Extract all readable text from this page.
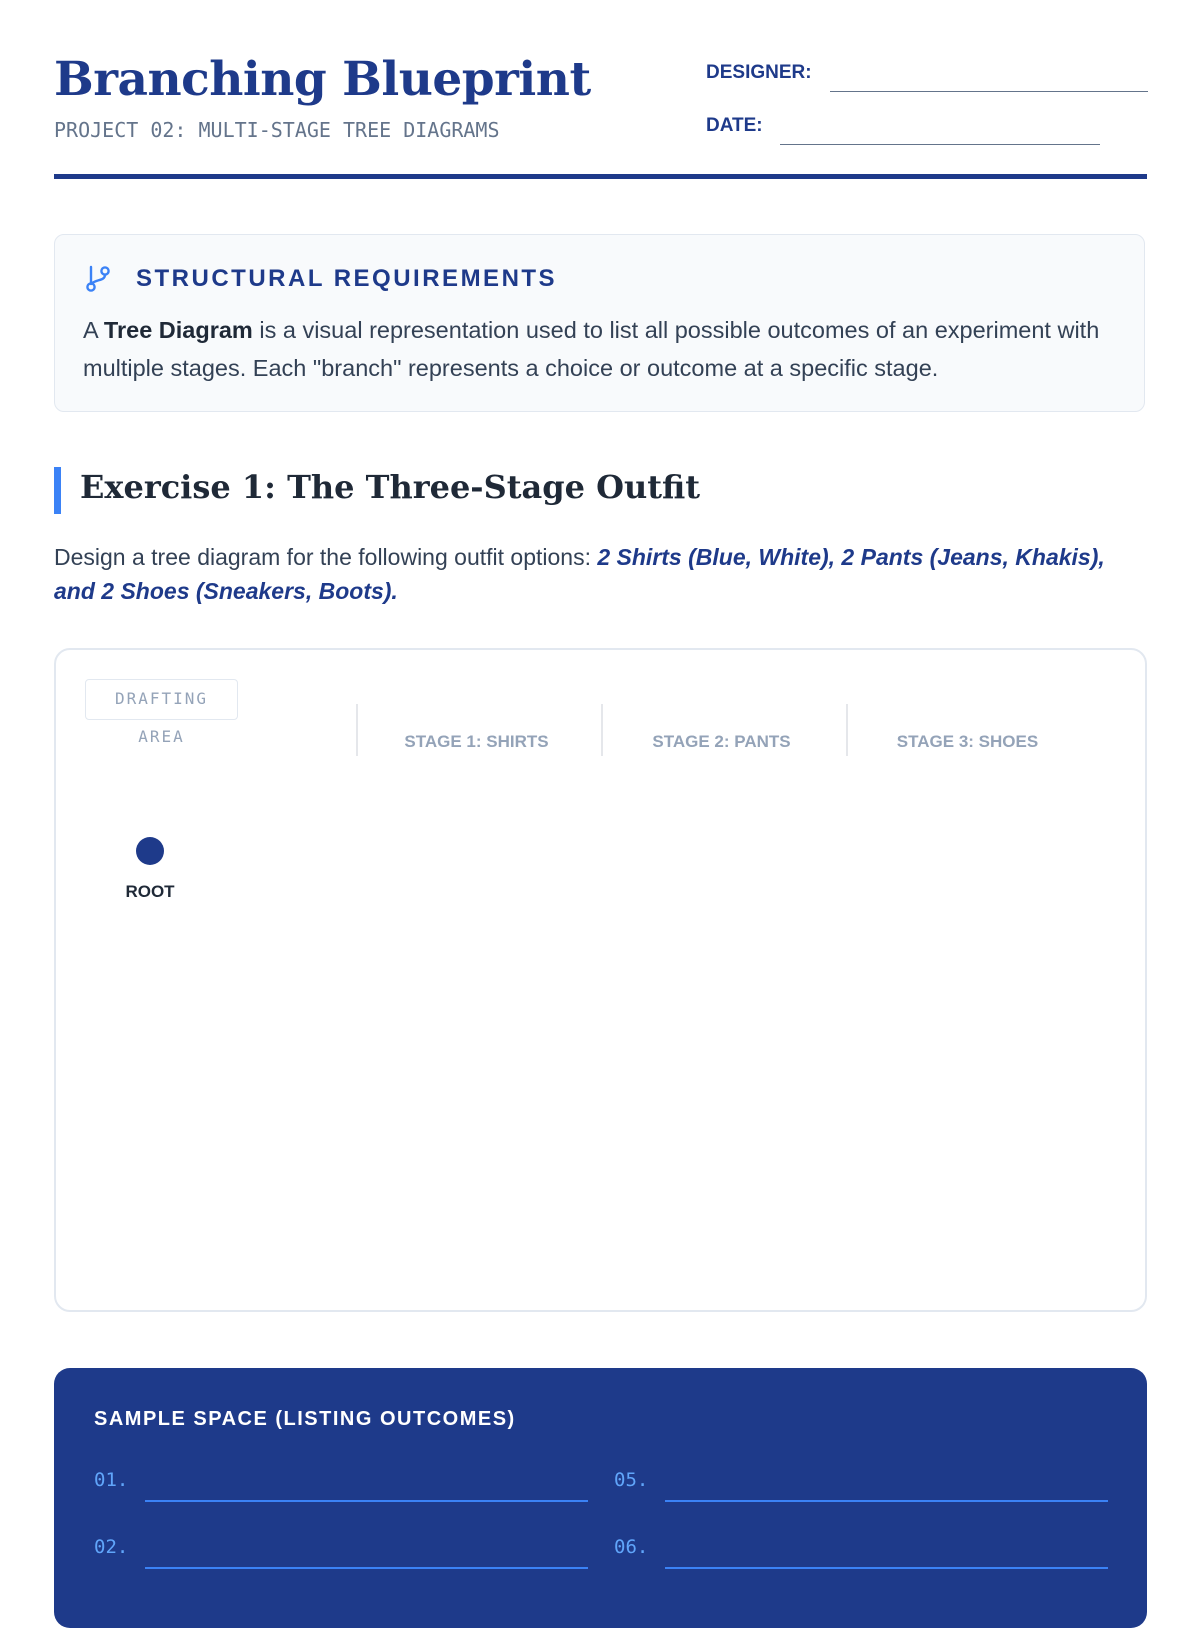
Branching Blueprint
PROJECT 02: MULTI-STAGE TREE DIAGRAMS
DESIGNER:
DATE:
STRUCTURAL REQUIREMENTS
A Tree Diagram is a visual representation used to list all possible outcomes of an experiment with multiple stages. Each "branch" represents a choice or outcome at a specific stage.
Exercise 1: The Three-Stage Outfit
Design a tree diagram for the following outfit options: 2 Shirts (Blue, White), 2 Pants (Jeans, Khakis), and 2 Shoes (Sneakers, Boots).
DRAFTING AREA	STAGE 1: SHIRTS	STAGE 2: PANTS	STAGE 3: SHOES
ROOT
SAMPLE SPACE (LISTING OUTCOMES)
01.	05.
02.	06.
